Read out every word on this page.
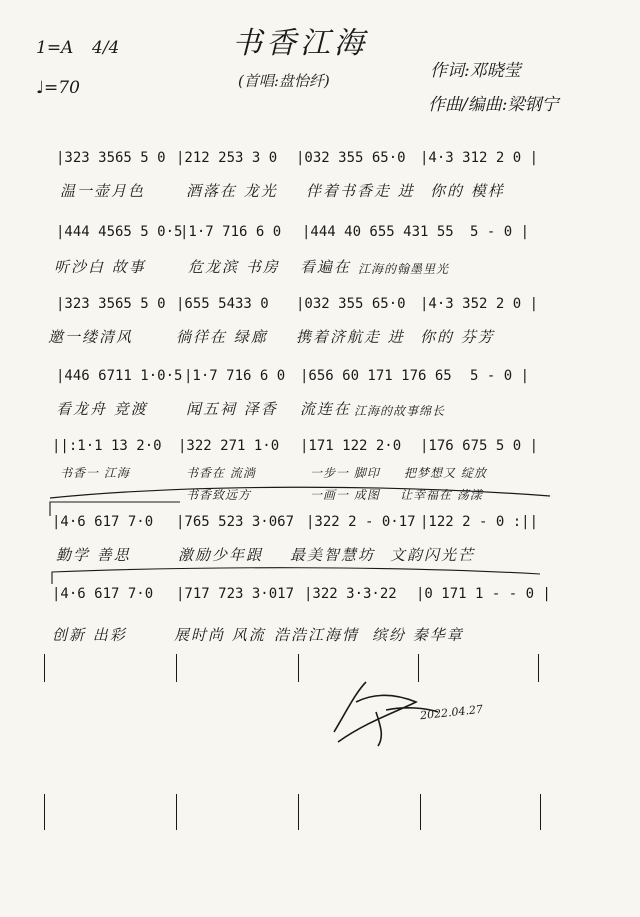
书香江海
(首唱:盘怡纤)
1=A 4/4
♩=70
作词:邓晓莹
作曲/编曲:梁钢宁
|323 3565 5 0 |212 253 3 0 |032 355 65·0 |4·3 312 2 0 |
温一壶月色	酒落在 龙光 伴着书香走 进 你的 模样
|444 4565 5 0·5
|1·7 716 6 0 |444 40 655 431 55 5 - 0 |
听沙白 故事	危龙滨 书房 看遍在 江海的翰墨里光
|323 3565 5 0 |655 5433 0 |032 355 65·0 |4·3 352 2 0 |
邀一缕清风	徜徉在 绿廊 携着济航走 进 你的 芬芳
|446 6711 1·0·5 |1·7 716 6 0 |656 60 171 176 65 5 - 0 |
看龙舟 竞渡	闻五祠 泽香 流连在 江海的故事绵长
||:1·1 13 2·0 |322 271 1·0 |171 122 2·0 |176 675 5 0 |
书香一 江海	书香在 流淌	一步一 脚印 把梦想又 绽放
书香致远方	一画一 成图 让幸福在 荡漾
|4·6 617 7·0 |765 523 3·067 |322 2 - 0·17 |122 2 - 0 :||
勤学 善思	激励少年跟 最美智慧坊 文韵闪光芒
|4·6 617 7·0 |717 723 3·017 |322 3·3·22 |0 171 1 - - 0 |
创新 出彩	展时尚 风流 浩浩江海情 缤纷 秦华章
2022.04.27
